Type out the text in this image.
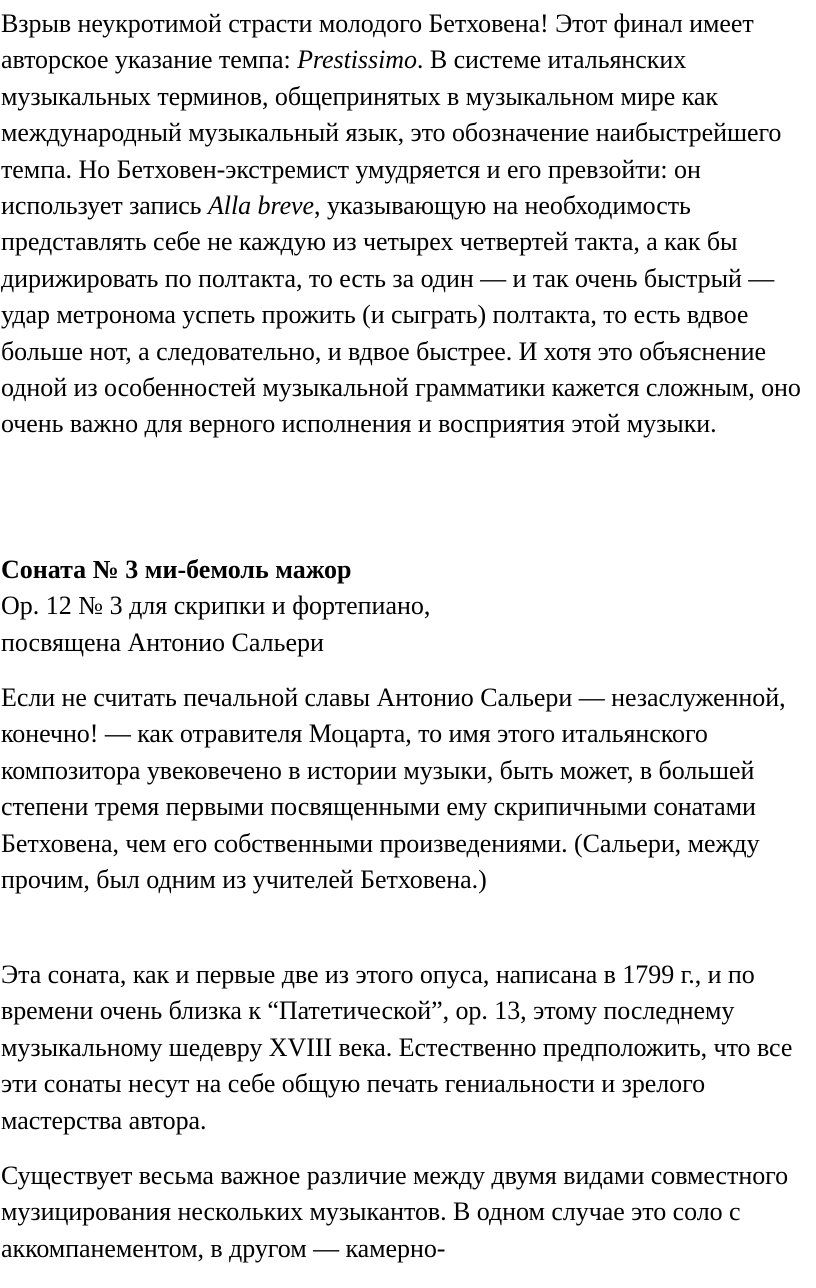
Взрыв неукротимой страсти молодого Бетховена! Этот финал имеет авторское указание темпа: Prestissimo. В системе итальянских музыкальных терминов, общепринятых в музыкальном мире как международный музыкальный язык, это обозначение наибыстрейшего темпа. Но Бетховен-экстремист умудряется и его превзойти: он использует запись Alla breve, указывающую на необходимость представлять себе не каждую из четырех четвертей такта, а как бы дирижировать по полтакта, то есть за один — и так очень быстрый — удар метронома успеть прожить (и сыграть) полтакта, то есть вдвое больше нот, а следовательно, и вдвое быстрее. И хотя это объяснение одной из особенностей музыкальной грамматики кажется сложным, оно очень важно для верного исполнения и восприятия этой музыки.

Соната № 3 ми-бемоль мажор

Op. 12 № 3 для скрипки и фортепиано,

посвящена Антонио Сальери

Если не считать печальной славы Антонио Сальери — незаслуженной, конечно! — как отравителя Моцарта, то имя этого итальянского композитора увековечено в истории музыки, быть может, в большей степени тремя первыми посвященными ему скрипичными сонатами Бетховена, чем его собственными произведениями. (Сальери, между прочим, был одним из учителей Бетховена.)

Эта соната, как и первые две из этого опуса, написана в 1799 г., и по времени очень близка к “Патетической”, ор. 13, этому последнему музыкальному шедевру XVIII века. Естественно предположить, что все эти сонаты несут на себе общую печать гениальности и зрелого мастерства автора.

Существует весьма важное различие между двумя видами совместного музицирования нескольких музыкантов. В одном случае это соло с аккомпанементом, в другом — камерно-
